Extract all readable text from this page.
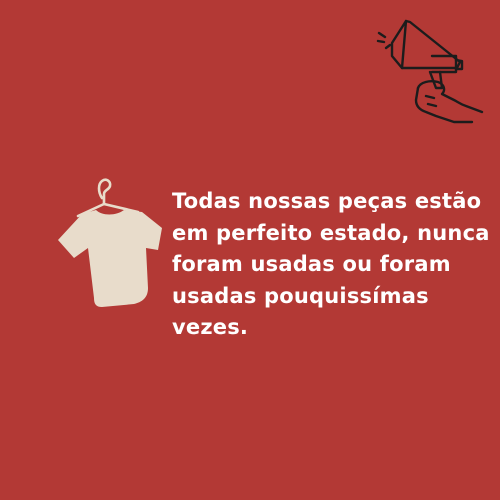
Todas nossas peças estão
em perfeito estado, nunca
foram usadas ou foram
usadas pouquissímas
vezes.
